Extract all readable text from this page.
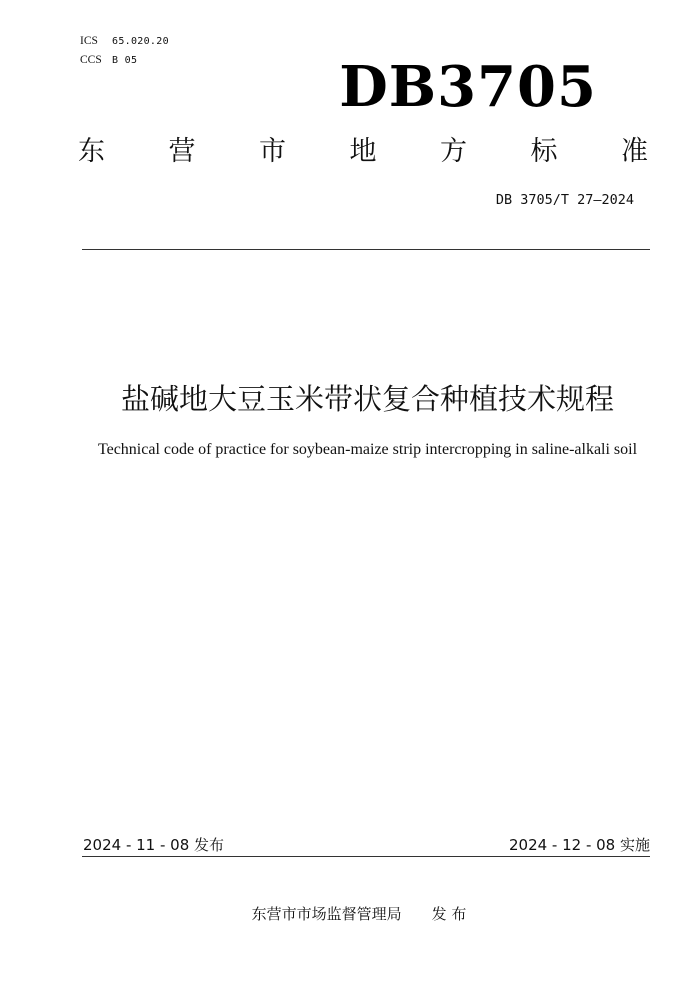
ICS 65.020.20
CCS B 05	DB3705
东 营 市 地 方 标 准
DB 3705/T 27—2024
盐碱地大豆玉米带状复合种植技术规程
Technical code of practice for soybean-maize strip intercropping in saline-alkali soil
2024 - 11 - 08 发布	2024 - 12 - 08 实施
东营市市场监督管理局 发 布
